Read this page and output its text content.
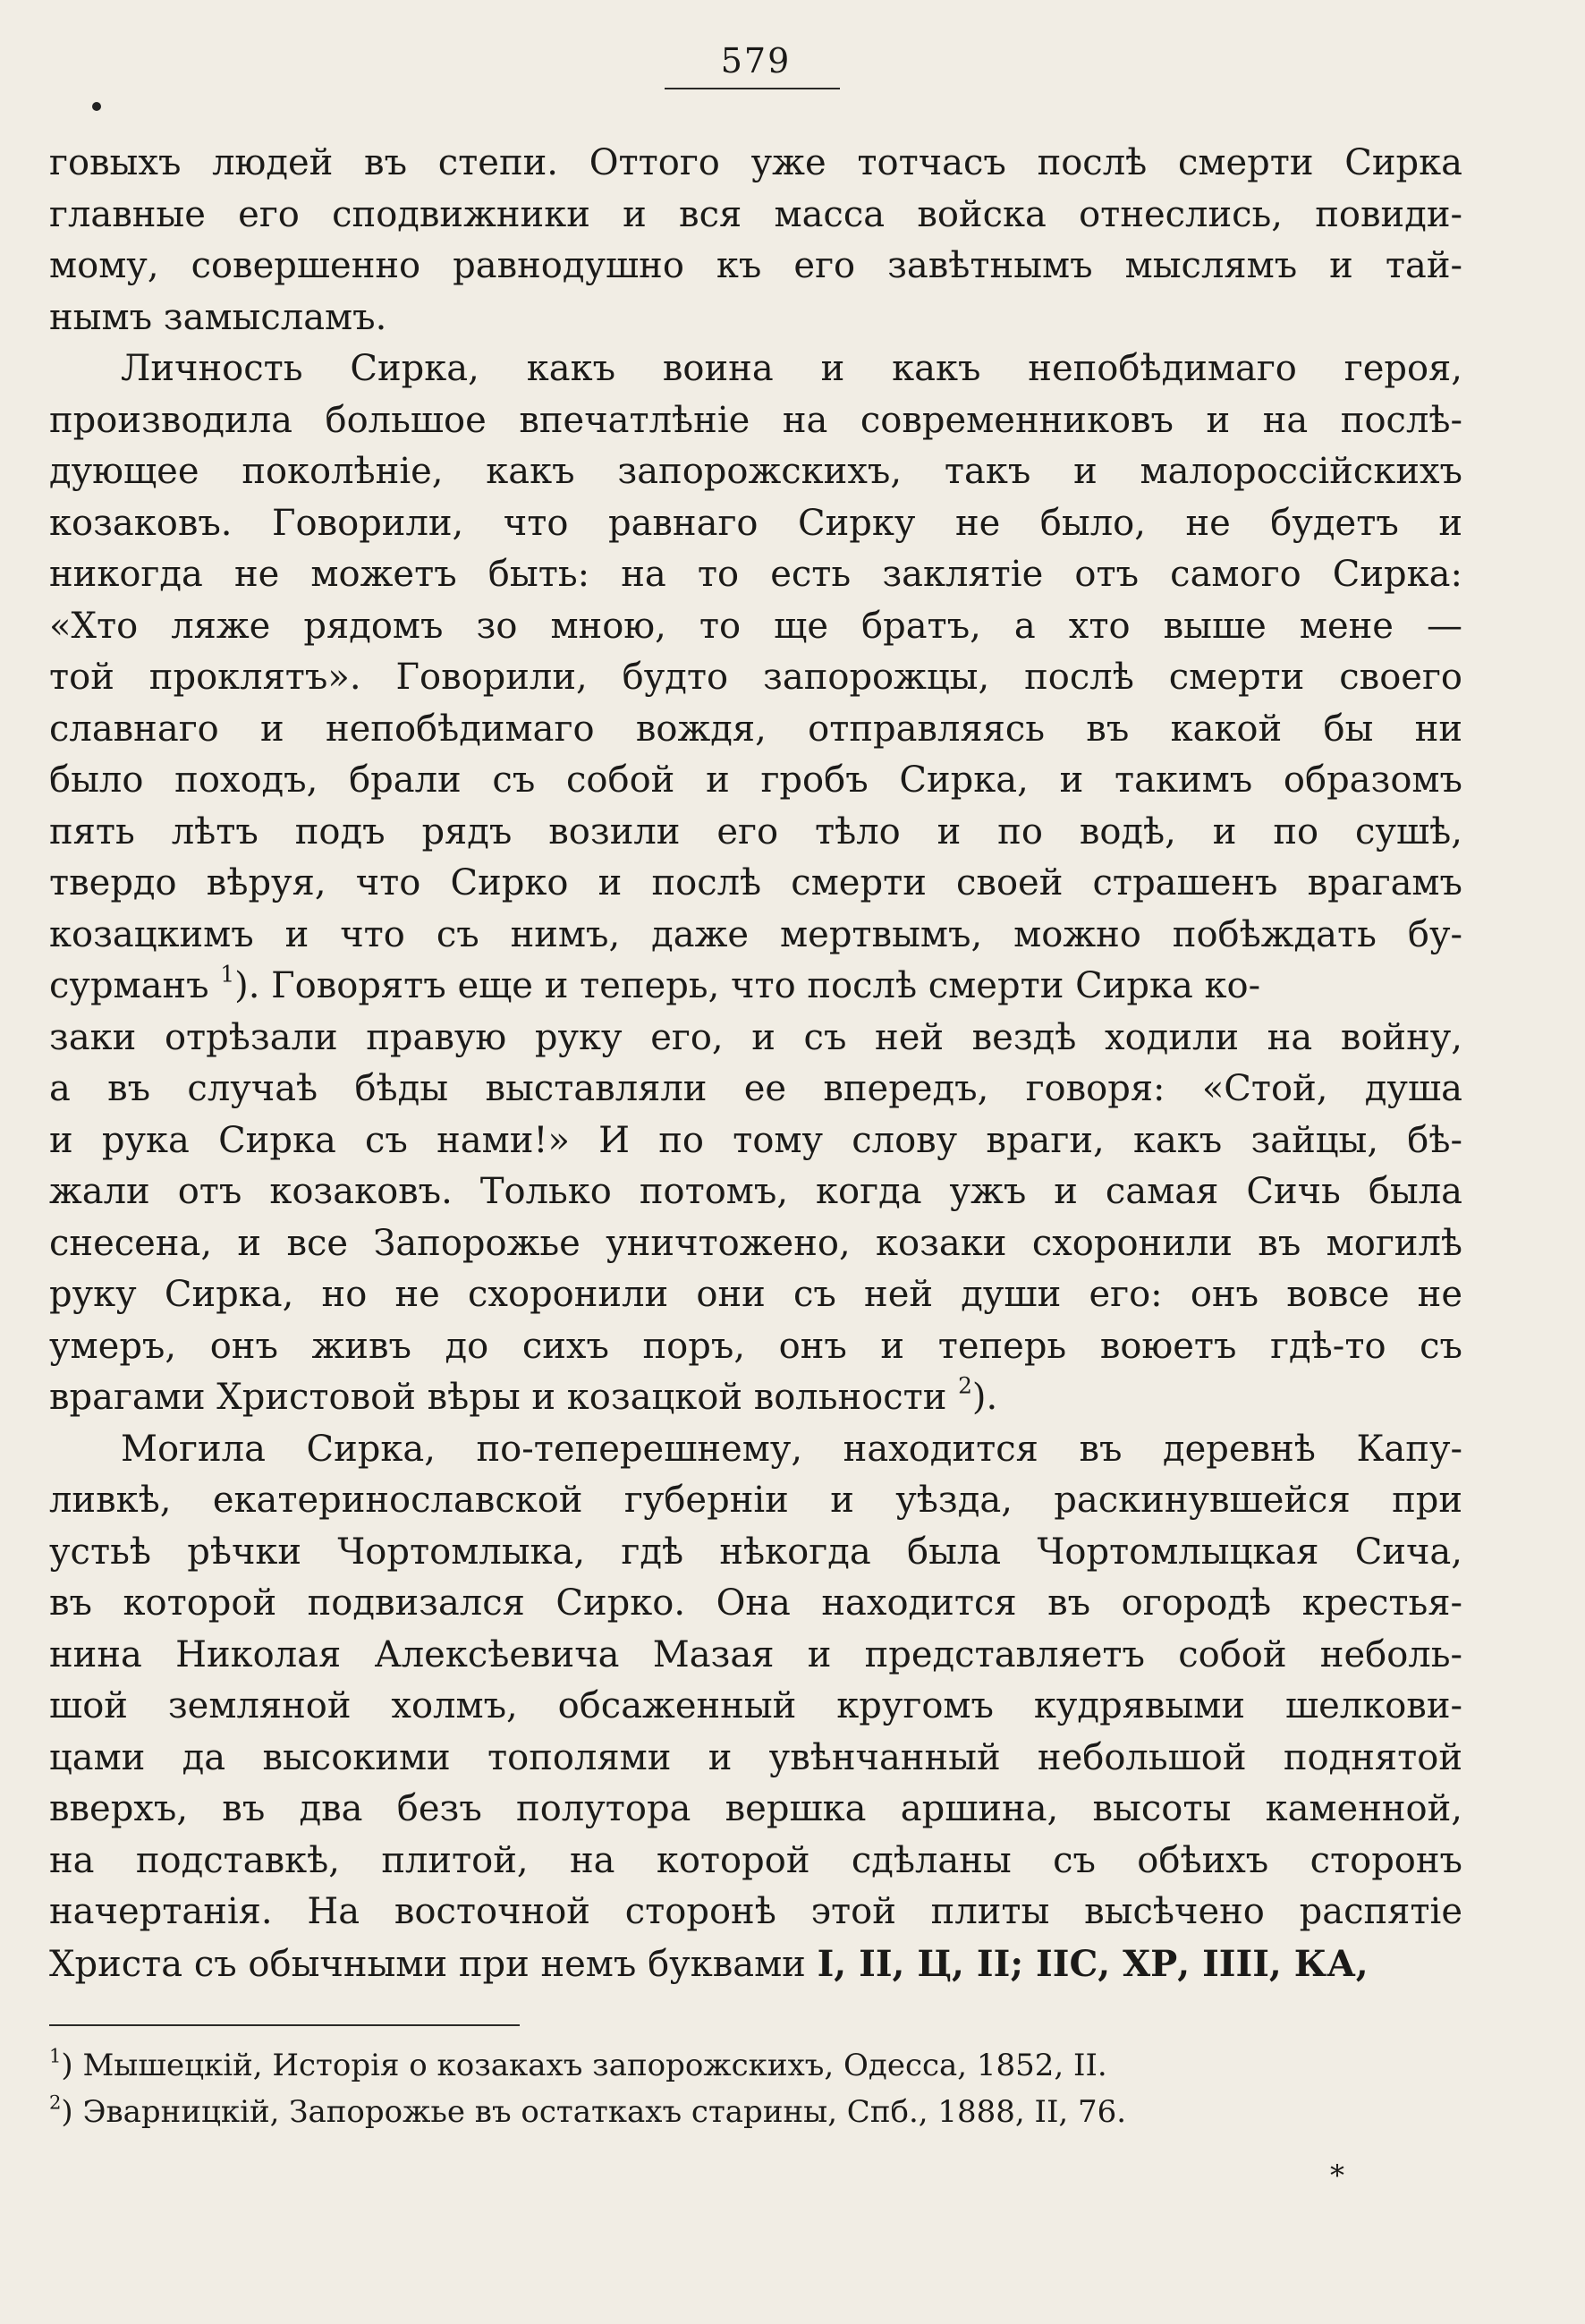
579
говыхъ людей въ степи. Оттого уже тотчасъ послѣ смерти Сирка
главные его сподвижники и вся масса войска отнеслись, повиди-
мому, совершенно равнодушно къ его завѣтнымъ мыслямъ и тай-
нымъ замысламъ.
Личность Сирка, какъ воина и какъ непобѣдимаго героя,
производила большое впечатлѣніе на современниковъ и на послѣ-
дующее поколѣніе, какъ запорожскихъ, такъ и малороссійскихъ
козаковъ. Говорили, что равнаго Сирку не было, не будетъ и
никогда не можетъ быть: на то есть заклятіе отъ самого Сирка:
«Хто ляже рядомъ зо мною, то ще братъ, а хто выше мене —
той проклятъ». Говорили, будто запорожцы, послѣ смерти своего
славнаго и непобѣдимаго вождя, отправляясь въ какой бы ни
было походъ, брали съ собой и гробъ Сирка, и такимъ образомъ
пять лѣтъ подъ рядъ возили его тѣло и по водѣ, и по сушѣ,
твердо вѣруя, что Сирко и послѣ смерти своей страшенъ врагамъ
козацкимъ и что съ нимъ, даже мертвымъ, можно побѣждать бу-
сурманъ $^1$). Говорятъ еще и теперь, что послѣ смерти Сирка ко-
заки отрѣзали правую руку его, и съ ней вездѣ ходили на войну,
а въ случаѣ бѣды выставляли ее впередъ, говоря: «Стой, душа
и рука Сирка съ нами!» И по тому слову враги, какъ зайцы, бѣ-
жали отъ козаковъ. Только потомъ, когда ужъ и самая Сичь была
снесена, и все Запорожье уничтожено, козаки схоронили въ могилѣ
руку Сирка, но не схоронили они съ ней души его: онъ вовсе не
умеръ, онъ живъ до сихъ поръ, онъ и теперь воюетъ гдѣ-то съ
врагами Христовой вѣры и козацкой вольности $^2$).
Могила Сирка, по-теперешнему, находится въ деревнѣ Капу-
ливкѣ, екатеринославской губерніи и уѣзда, раскинувшейся при
устьѣ рѣчки Чортомлыка, гдѣ нѣкогда была Чортомлыцкая Сича,
въ которой подвизался Сирко. Она находится въ огородѣ крестья-
нина Николая Алексѣевича Мазая и представляетъ собой неболь-
шой земляной холмъ, обсаженный кругомъ кудрявыми шелкови-
цами да высокими тополями и увѣнчанный небольшой поднятой
вверхъ, въ два безъ полутора вершка аршина, высоты каменной,
на подставкѣ, плитой, на которой сдѣланы съ обѣихъ сторонъ
начертанія. На восточной сторонѣ этой плиты высѣчено распятіе
Христа съ обычными при немъ буквами І, ІІ, Ц, ІІ; ІІС, ХР, ІІІІ, КА,
$^1$) Мышецкій, Исторія о козакахъ запорожскихъ, Одесса, 1852, II.
$^2$) Эварницкій, Запорожье въ остаткахъ старины, Спб., 1888, II, 76.
*
